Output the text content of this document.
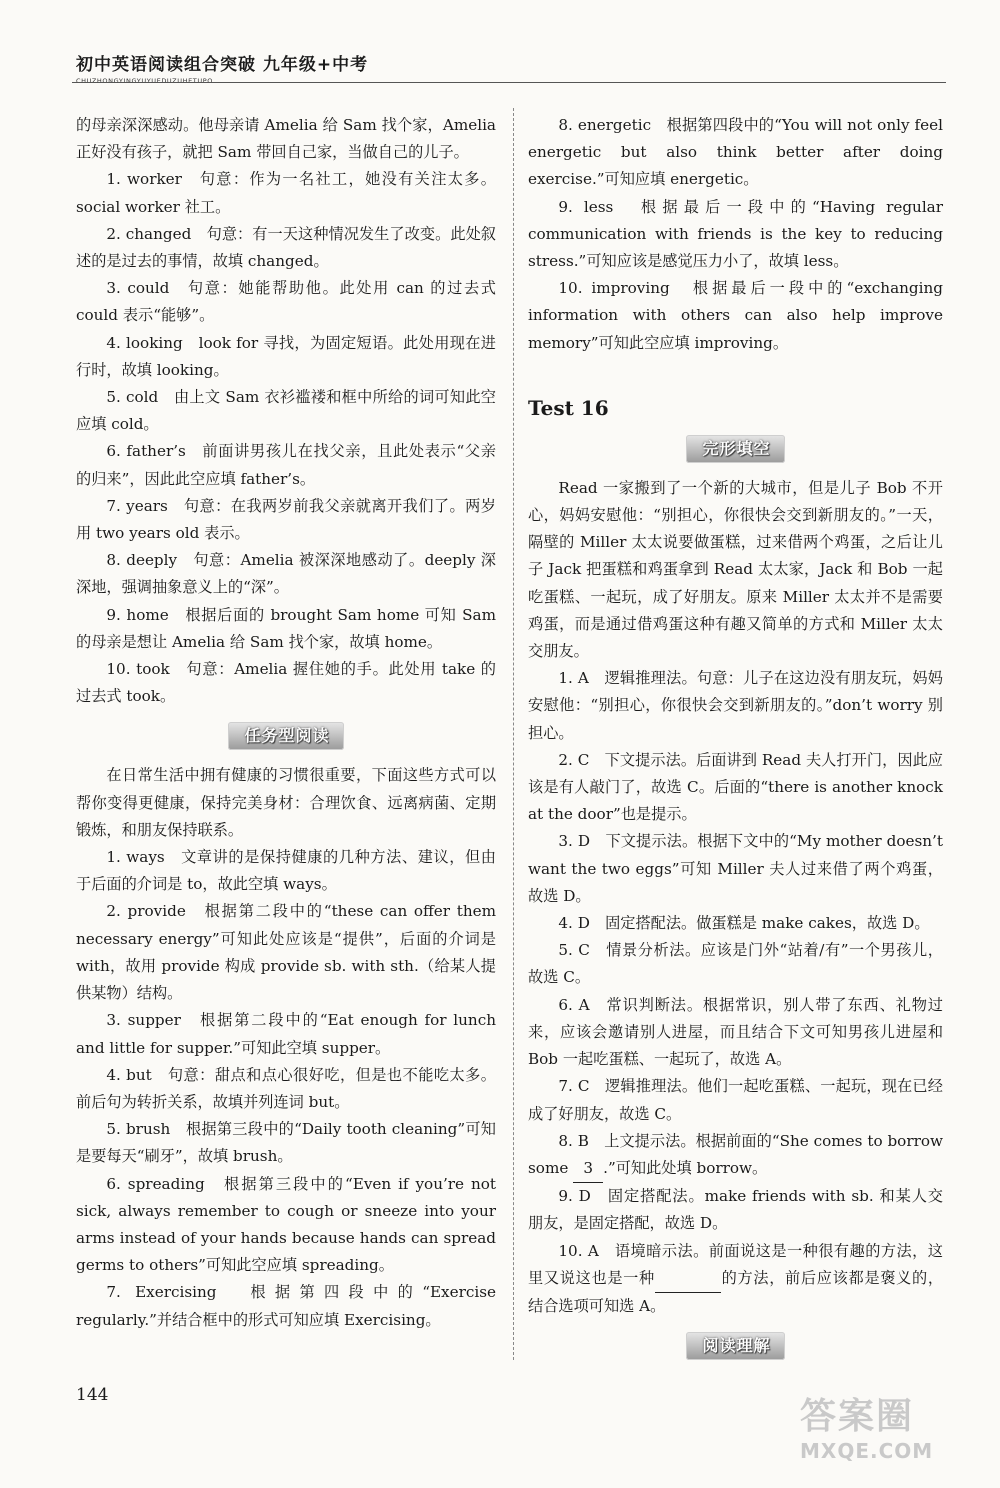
初中英语阅读组合突破 九年级+中考
CHUZHONGYINGYUYUEDUZUHETUPO

的母亲深深感动。他母亲请 Amelia 给 Sam 找个家，Amelia 正好没有孩子，就把 Sam 带回自己家，当做自己的儿子。

1. worker　句意：作为一名社工，她没有关注太多。social worker 社工。

2. changed　句意：有一天这种情况发生了改变。此处叙述的是过去的事情，故填 changed。

3. could　句意：她能帮助他。此处用 can 的过去式 could 表示“能够”。

4. looking　look for 寻找，为固定短语。此处用现在进行时，故填 looking。

5. cold　由上文 Sam 衣衫褴褛和框中所给的词可知此空应填 cold。

6. father’s　前面讲男孩儿在找父亲，且此处表示“父亲的归来”，因此此空应填 father’s。

7. years　句意：在我两岁前我父亲就离开我们了。两岁用 two years old 表示。

8. deeply　句意：Amelia 被深深地感动了。deeply 深深地，强调抽象意义上的“深”。

9. home　根据后面的 brought Sam home 可知 Sam 的母亲是想让 Amelia 给 Sam 找个家，故填 home。

10. took　句意：Amelia 握住她的手。此处用 take 的过去式 took。

任务型阅读

在日常生活中拥有健康的习惯很重要，下面这些方式可以帮你变得更健康，保持完美身材：合理饮食、远离病菌、定期锻炼，和朋友保持联系。

1. ways　文章讲的是保持健康的几种方法、建议，但由于后面的介词是 to，故此空填 ways。

2. provide　根据第二段中的“these can offer them necessary energy”可知此处应该是“提供”，后面的介词是 with，故用 provide 构成 provide sb. with sth.（给某人提供某物）结构。

3. supper　根据第二段中的“Eat enough for lunch and little for supper.”可知此空填 supper。

4. but　句意：甜点和点心很好吃，但是也不能吃太多。前后句为转折关系，故填并列连词 but。

5. brush　根据第三段中的“Daily tooth cleaning”可知是要每天“刷牙”，故填 brush。

6. spreading　根据第三段中的“Even if you’re not sick, always remember to cough or sneeze into your arms instead of your hands because hands can spread germs to others”可知此空应填 spreading。

7. Exercising　根据第四段中的“Exercise regularly.”并结合框中的形式可知应填 Exercising。

8. energetic　根据第四段中的“You will not only feel energetic but also think better after doing exercise.”可知应填 energetic。

9. less　根据最后一段中的“Having regular communication with friends is the key to reducing stress.”可知应该是感觉压力小了，故填 less。

10. improving　根据最后一段中的“exchanging information with others can also help improve memory”可知此空应填 improving。

Test 16
完形填空

Read 一家搬到了一个新的大城市，但是儿子 Bob 不开心，妈妈安慰他：“别担心，你很快会交到新朋友的。”一天，隔壁的 Miller 太太说要做蛋糕，过来借两个鸡蛋，之后让儿子 Jack 把蛋糕和鸡蛋拿到 Read 太太家，Jack 和 Bob 一起吃蛋糕、一起玩，成了好朋友。原来 Miller 太太并不是需要鸡蛋，而是通过借鸡蛋这种有趣又简单的方式和 Miller 太太交朋友。

1. A　逻辑推理法。句意：儿子在这边没有朋友玩，妈妈安慰他：“别担心，你很快会交到新朋友的。”don’t worry 别担心。

2. C　下文提示法。后面讲到 Read 夫人打开门，因此应该是有人敲门了，故选 C。后面的“there is another knock at the door”也是提示。

3. D　下文提示法。根据下文中的“My mother doesn’t want the two eggs”可知 Miller 夫人过来借了两个鸡蛋，故选 D。

4. D　固定搭配法。做蛋糕是 make cakes，故选 D。

5. C　情景分析法。应该是门外“站着/有”一个男孩儿，故选 C。

6. A　常识判断法。根据常识，别人带了东西、礼物过来，应该会邀请别人进屋，而且结合下文可知男孩儿进屋和 Bob 一起吃蛋糕、一起玩了，故选 A。

7. C　逻辑推理法。他们一起吃蛋糕、一起玩，现在已经成了好朋友，故选 C。

8. B　上文提示法。根据前面的“She comes to borrow some 3 .”可知此处填 borrow。

9. D　固定搭配法。make friends with sb. 和某人交朋友，是固定搭配，故选 D。

10. A　语境暗示法。前面说这是一种很有趣的方法，这里又说这也是一种	的方法，前后应该都是褒义的，结合选项可知选 A。

阅读理解
144
答案圈
MXQE.COM
